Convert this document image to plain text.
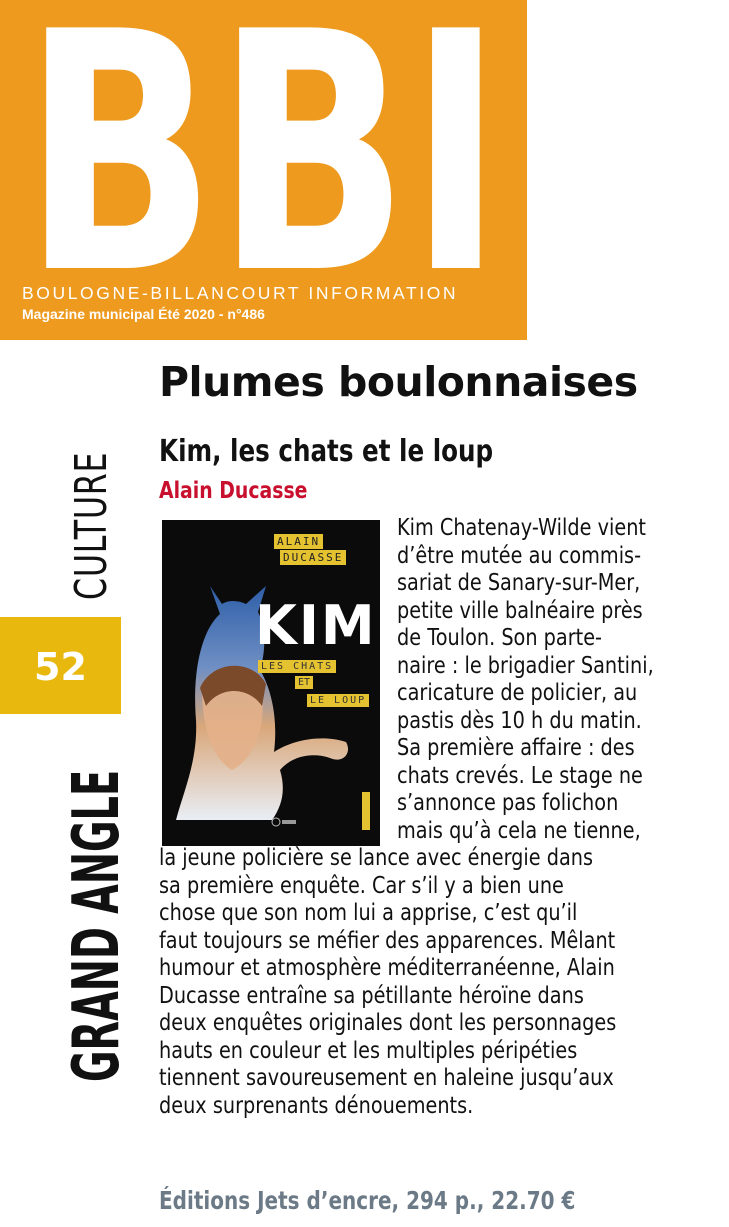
BBI
BOULOGNE-BILLANCOURT INFORMATION
Magazine municipal Été 2020 - n°486
CULTURE
52
GRAND ANGLE
Plumes boulonnaises
Kim, les chats et le loup
Alain Ducasse
ALAIN
DUCASSE
KIM
LES CHATS
ET
LE LOUP
Kim Chatenay-Wilde vient
d’être mutée au commis-
sariat de Sanary-sur-Mer,
petite ville balnéaire près
de Toulon. Son parte-
naire : le brigadier Santini,
caricature de policier, au
pastis dès 10 h du matin.
Sa première affaire : des
chats crevés. Le stage ne
s’annonce pas folichon
mais qu’à cela ne tienne,
la jeune policière se lance avec énergie dans
sa première enquête. Car s’il y a bien une
chose que son nom lui a apprise, c’est qu’il
faut toujours se méfier des apparences. Mêlant
humour et atmosphère méditerranéenne, Alain
Ducasse entraîne sa pétillante héroïne dans
deux enquêtes originales dont les personnages
hauts en couleur et les multiples péripéties
tiennent savoureusement en haleine jusqu’aux
deux surprenants dénouements.
Éditions Jets d’encre, 294 p., 22.70 €
